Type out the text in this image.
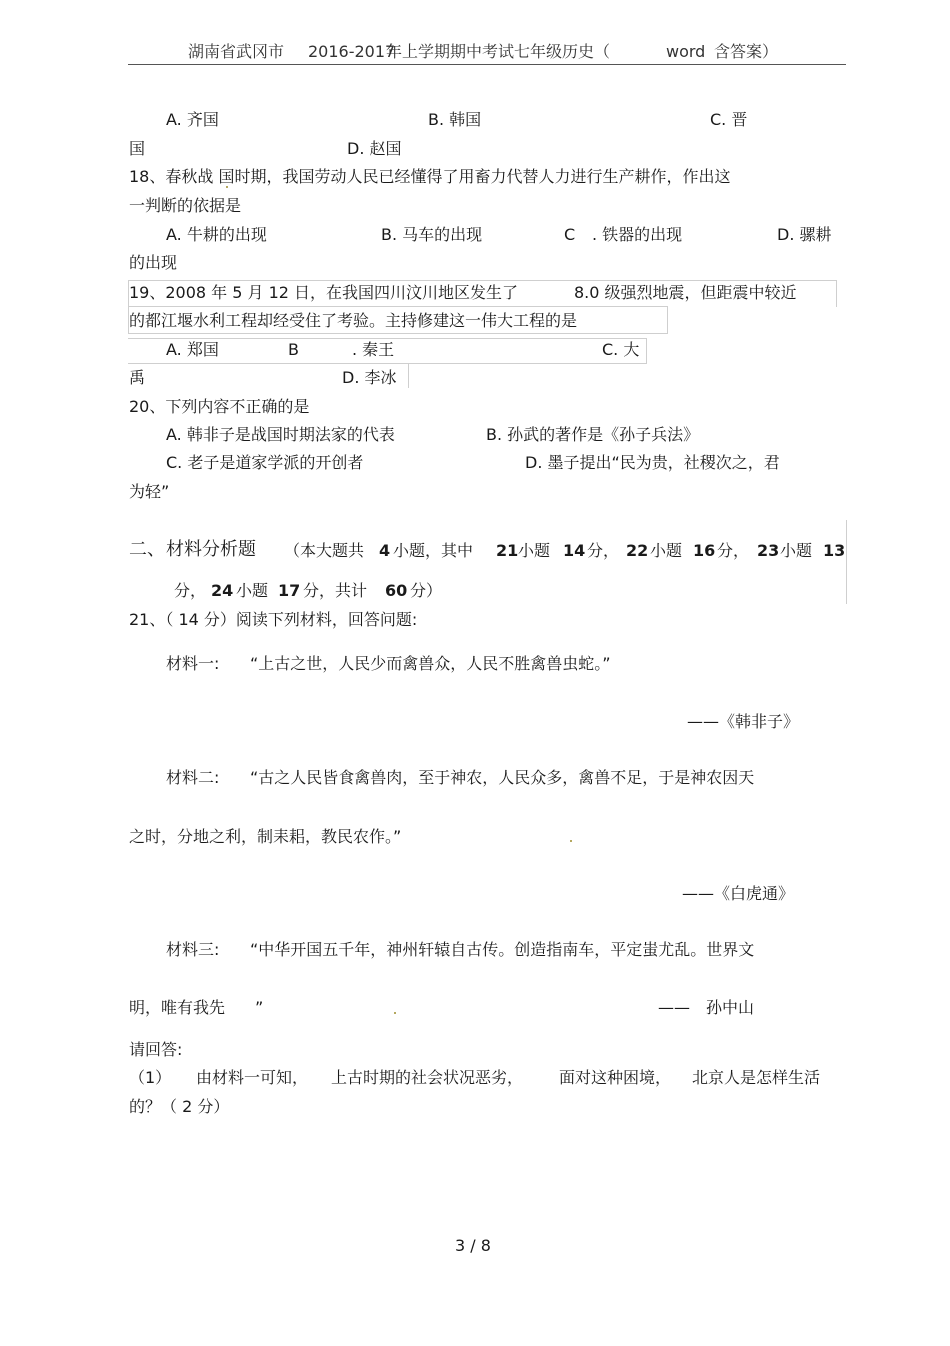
湖南省武冈市 2016-2017
年上学期期中考试七年级历史（	word 含答案）
A. 齐国	B. 韩国	C. 晋
国	D. 赵国
18、春秋战 国时期，我国劳动人民已经懂得了用畜力代替人力进行生产耕作，作出这
一判断的依据是
A. 牛耕的出现	B. 马车的出现	C . 铁器的出现	D. 骡耕
的出现
19、2008 年 5 月 12 日，在我国四川汶川地区发生了	8.0 级强烈地震，但距震中较近
的都江堰水利工程却经受住了考验。主持修建这一伟大工程的是
A. 郑国	B	. 秦王	C. 大
禹	D. 李冰
20、下列内容不正确的是
A. 韩非子是战国时期法家的代表	B. 孙武的著作是《孙子兵法》
C. 老子是道家学派的开创者	D. 墨子提出“民为贵，社稷次之，君
为轻”
二、 材料分析题 （本大题共 4 小题，其中 21 小题 14 分， 22 小题 16 分， 23 小题 13
分， 24 小题 17 分，共计 60 分）
21、（ 14 分）阅读下列材料，回答问题:
材料一: “上古之世，人民少而禽兽众，人民不胜禽兽虫蛇。”
——《韩非子》
材料二: “古之人民皆食禽兽肉，至于神农，人民众多，禽兽不足，于是神农因天
之时，分地之利，制耒耜，教民农作。”
——《白虎通》
材料三: “中华开国五千年，神州轩辕自古传。创造指南车，平定蚩尤乱。世界文
明，唯有我先 ”	—— 孙中山
请回答:
（1） 由材料一可知， 上古时期的社会状况恶劣， 面对这种困境， 北京人是怎样生活
的？（ 2 分）
3 / 8
